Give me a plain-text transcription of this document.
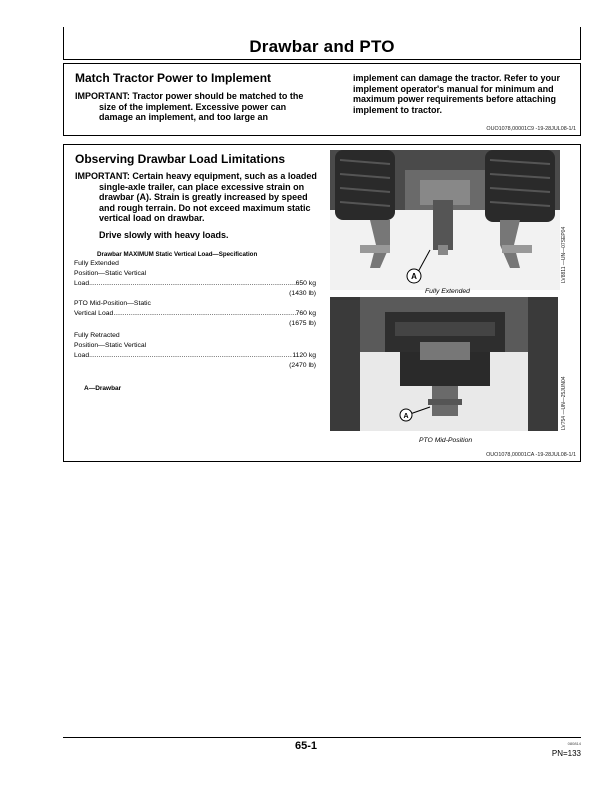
Drawbar and PTO
Match Tractor Power to Implement
IMPORTANT: Tractor power should be matched to the size of the implement. Excessive power can damage an implement, and too large an
implement can damage the tractor. Refer to your implement operator's manual for minimum and maximum power requirements before attaching implement to tractor.
OUO1078,00001C9 -19-28JUL08-1/1
Observing Drawbar Load Limitations
IMPORTANT: Certain heavy equipment, such as a loaded single-axle trailer, can place excessive strain on drawbar (A). Strain is greatly increased by speed and rough terrain. Do not exceed maximum static vertical load on drawbar.
Drive slowly with heavy loads.
Drawbar MAXIMUM Static Vertical Load—Specification
Fully Extended
Position—Static Vertical
Load .....	650 kg
(1430 lb)
PTO Mid-Position—Static
Vertical Load .....	760 kg
(1675 lb)
Fully Retracted
Position—Static Vertical
Load .....	1120 kg
(2470 lb)
A—Drawbar
A
Fully Extended
LV8811 —UN—07SEP04
A
PTO Mid-Position
LV754 —UN—25JUN04
OUO1078,00001CA -19-28JUL08-1/1
65-1	080814
PN=133
